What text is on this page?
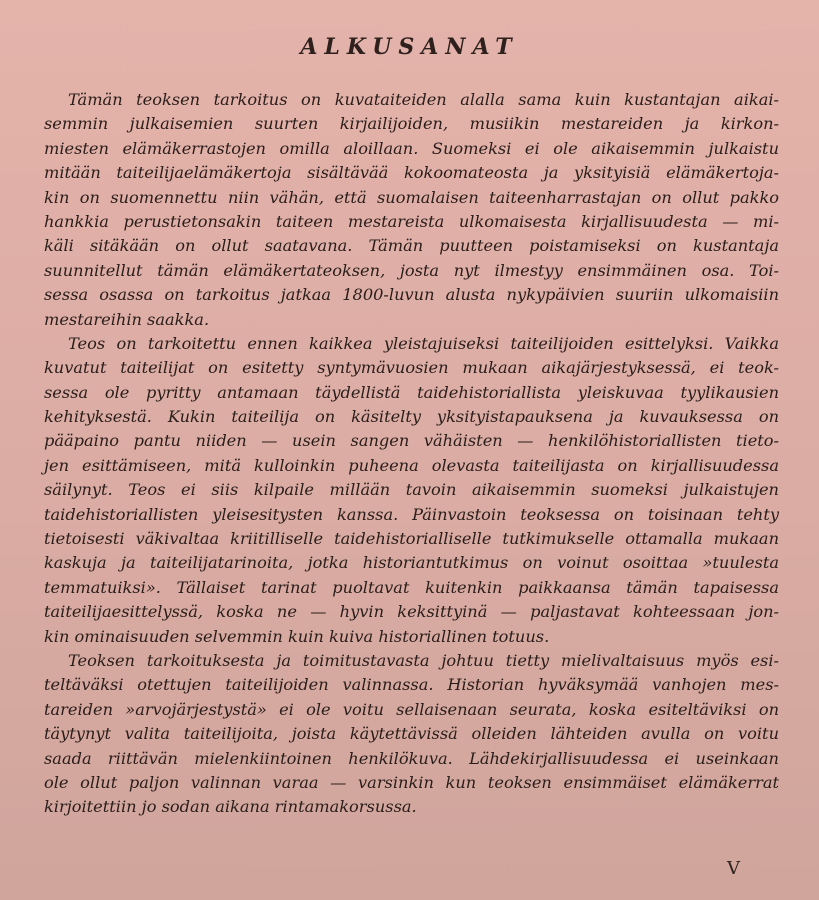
ALKUSANAT

Tämän teoksen tarkoitus on kuvataiteiden alalla sama kuin kustantajan aikai-
semmin julkaisemien suurten kirjailijoiden, musiikin mestareiden ja kirkon-
miesten elämäkerrastojen omilla aloillaan. Suomeksi ei ole aikaisemmin julkaistu
mitään taiteilijaelämäkertoja sisältävää kokoomateosta ja yksityisiä elämäkertoja-
kin on suomennettu niin vähän, että suomalaisen taiteenharrastajan on ollut pakko
hankkia perustietonsakin taiteen mestareista ulkomaisesta kirjallisuudesta — mi-
käli sitäkään on ollut saatavana. Tämän puutteen poistamiseksi on kustantaja
suunnitellut tämän elämäkertateoksen, josta nyt ilmestyy ensimmäinen osa. Toi-
sessa osassa on tarkoitus jatkaa 1800-luvun alusta nykypäivien suuriin ulkomaisiin
mestareihin saakka.

Teos on tarkoitettu ennen kaikkea yleistajuiseksi taiteilijoiden esittelyksi. Vaikka
kuvatut taiteilijat on esitetty syntymävuosien mukaan aikajärjestyksessä, ei teok-
sessa ole pyritty antamaan täydellistä taidehistoriallista yleiskuvaa tyylikausien
kehityksestä. Kukin taiteilija on käsitelty yksityistapauksena ja kuvauksessa on
pääpaino pantu niiden — usein sangen vähäisten — henkilöhistoriallisten tieto-
jen esittämiseen, mitä kulloinkin puheena olevasta taiteilijasta on kirjallisuudessa
säilynyt. Teos ei siis kilpaile millään tavoin aikaisemmin suomeksi julkaistujen
taidehistoriallisten yleisesitysten kanssa. Päinvastoin teoksessa on toisinaan tehty
tietoisesti väkivaltaa kriitilliselle taidehistorialliselle tutkimukselle ottamalla mukaan
kaskuja ja taiteilijatarinoita, jotka historiantutkimus on voinut osoittaa »tuulesta
temmatuiksi». Tällaiset tarinat puoltavat kuitenkin paikkaansa tämän tapaisessa
taiteilijaesittelyssä, koska ne — hyvin keksittyinä — paljastavat kohteessaan jon-
kin ominaisuuden selvemmin kuin kuiva historiallinen totuus.

Teoksen tarkoituksesta ja toimitustavasta johtuu tietty mielivaltaisuus myös esi-
teltäväksi otettujen taiteilijoiden valinnassa. Historian hyväksymää vanhojen mes-
tareiden »arvojärjestystä» ei ole voitu sellaisenaan seurata, koska esiteltäviksi on
täytynyt valita taiteilijoita, joista käytettävissä olleiden lähteiden avulla on voitu
saada riittävän mielenkiintoinen henkilökuva. Lähdekirjallisuudessa ei useinkaan
ole ollut paljon valinnan varaa — varsinkin kun teoksen ensimmäiset elämäkerrat
kirjoitettiin jo sodan aikana rintamakorsussa.

V
